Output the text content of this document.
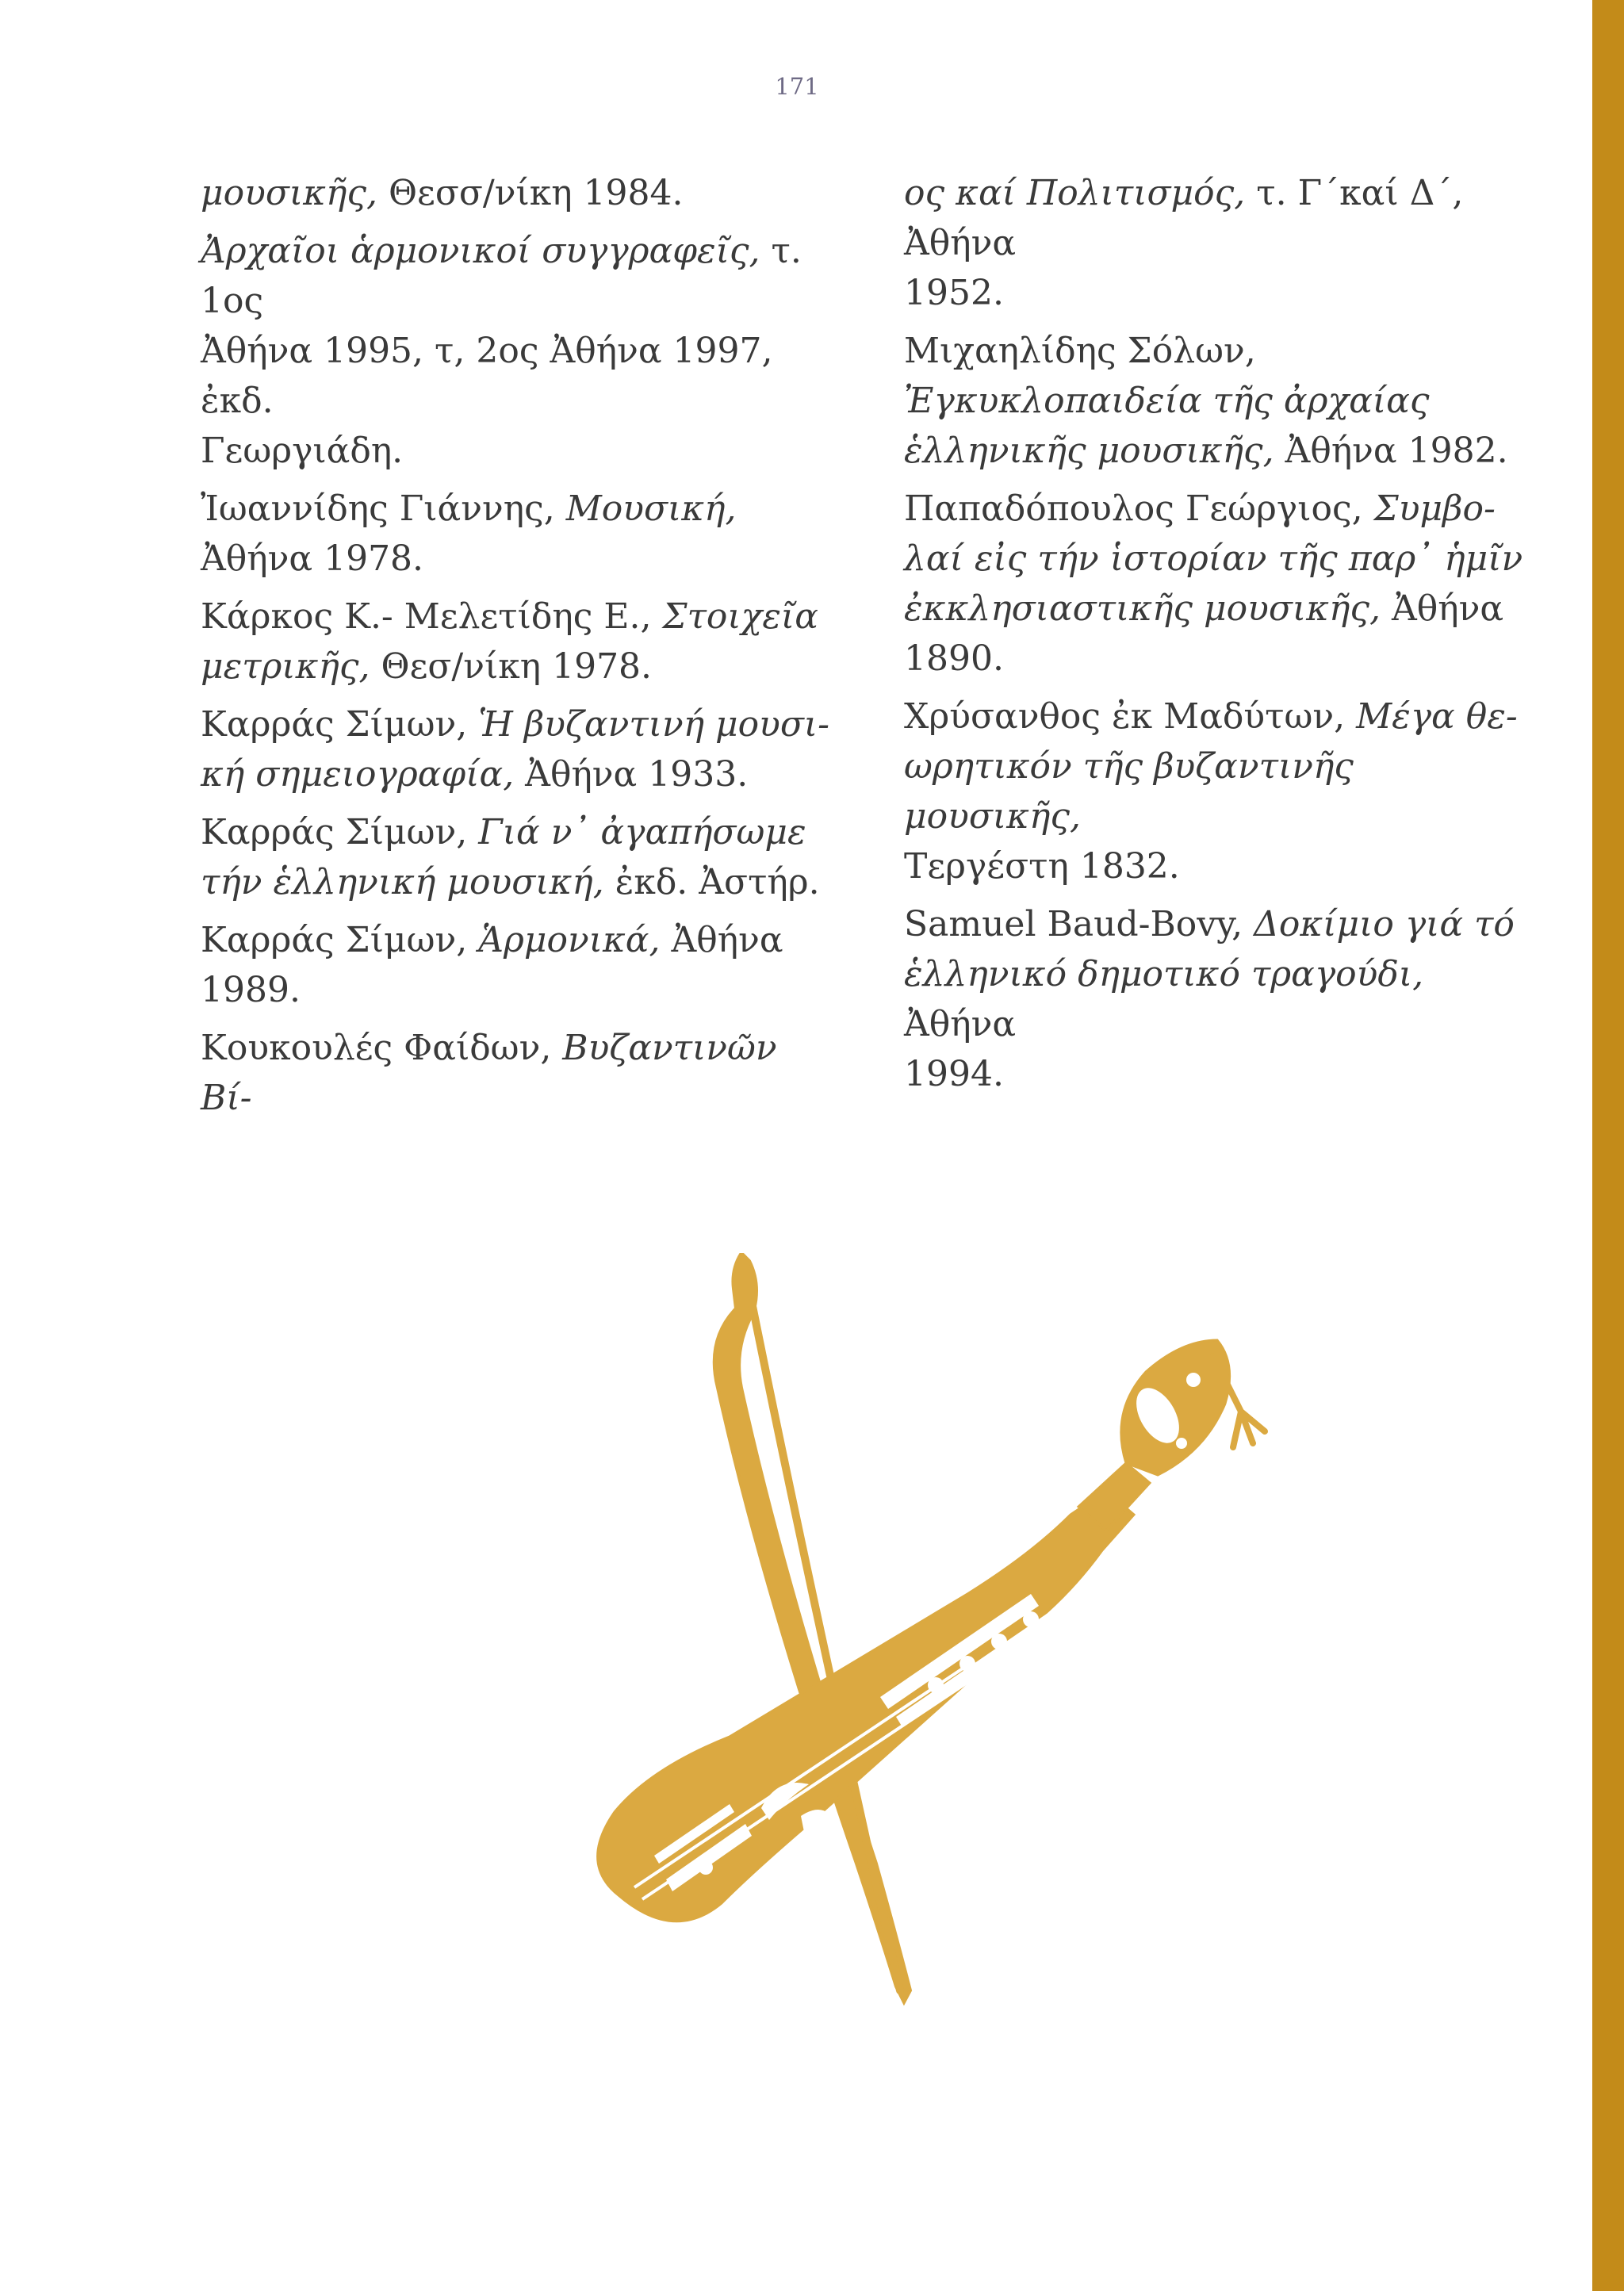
171

μουσικῆς, Θεσσ/νίκη 1984.

Ἀρχαῖοι ἁρμονικοί συγγραφεῖς, τ. 1ος
Ἀθήνα 1995, τ, 2ος Ἀθήνα 1997, ἐκδ.
Γεωργιάδη.

Ἰωαννίδης Γιάννης, Μουσική,
Ἀθήνα 1978.

Κάρκος Κ.- Μελετίδης Ε., Στοιχεῖα
μετρικῆς, Θεσ/νίκη 1978.

Καρράς Σίμων, Ἡ βυζαντινή μουσι-
κή σημειογραφία, Ἀθήνα 1933.

Καρράς Σίμων, Γιά ν᾽ ἀγαπήσωμε
τήν ἑλληνική μουσική, ἐκδ. Ἀστήρ.

Καρράς Σίμων, Ἁρμονικά, Ἀθήνα
1989.

Κουκουλές Φαίδων, Βυζαντινῶν Βί-

ος καί Πολιτισμός, τ. Γ΄καί Δ΄, Ἀθήνα
1952.

Μιχαηλίδης Σόλων,
Ἐγκυκλοπαιδεία τῆς ἀρχαίας
ἑλληνικῆς μουσικῆς, Ἀθήνα 1982.

Παπαδόπουλος Γεώργιος, Συμβο-
λαί εἰς τήν ἱστορίαν τῆς παρ᾽ ἡμῖν
ἐκκλησιαστικῆς μουσικῆς, Ἀθήνα
1890.

Χρύσανθος ἐκ Μαδύτων, Μέγα θε-
ωρητικόν τῆς βυζαντινῆς μουσικῆς,
Τεργέστη 1832.

Samuel Baud-Bovy, Δοκίμιο γιά τό
ἑλληνικό δημοτικό τραγούδι, Ἀθήνα
1994.
